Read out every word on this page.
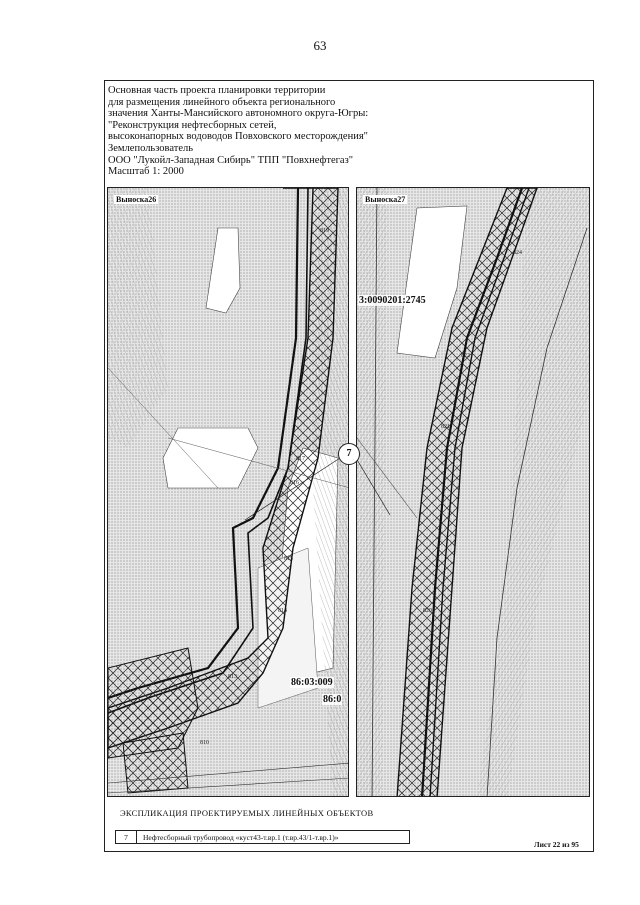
63
Основная часть проекта планировки территории
для размещения линейного объекта регионального
значения Ханты-Мансийского автономного округа-Югры:
"Реконструкция нефтесборных сетей,
высоконапорных водоводов Повховского месторождения"
Землепользователь
ООО "Лукойл-Западная Сибирь" ТПП "Повхнефтегаз"
Масштаб 1: 2000
Выноска26
819
817
816
815
814
813
810
86:03:009
86:0
Выноска27
3:0090201:2745
824
822
821
820
7
ЭКСПЛИКАЦИЯ ПРОЕКТИРУЕМЫХ ЛИНЕЙНЫХ ОБЪЕКТОВ
7	Нефтесборный трубопровод «куст43-т.вр.1 (т.вр.43/1-т.вр.1)»
Лист 22 из 95
